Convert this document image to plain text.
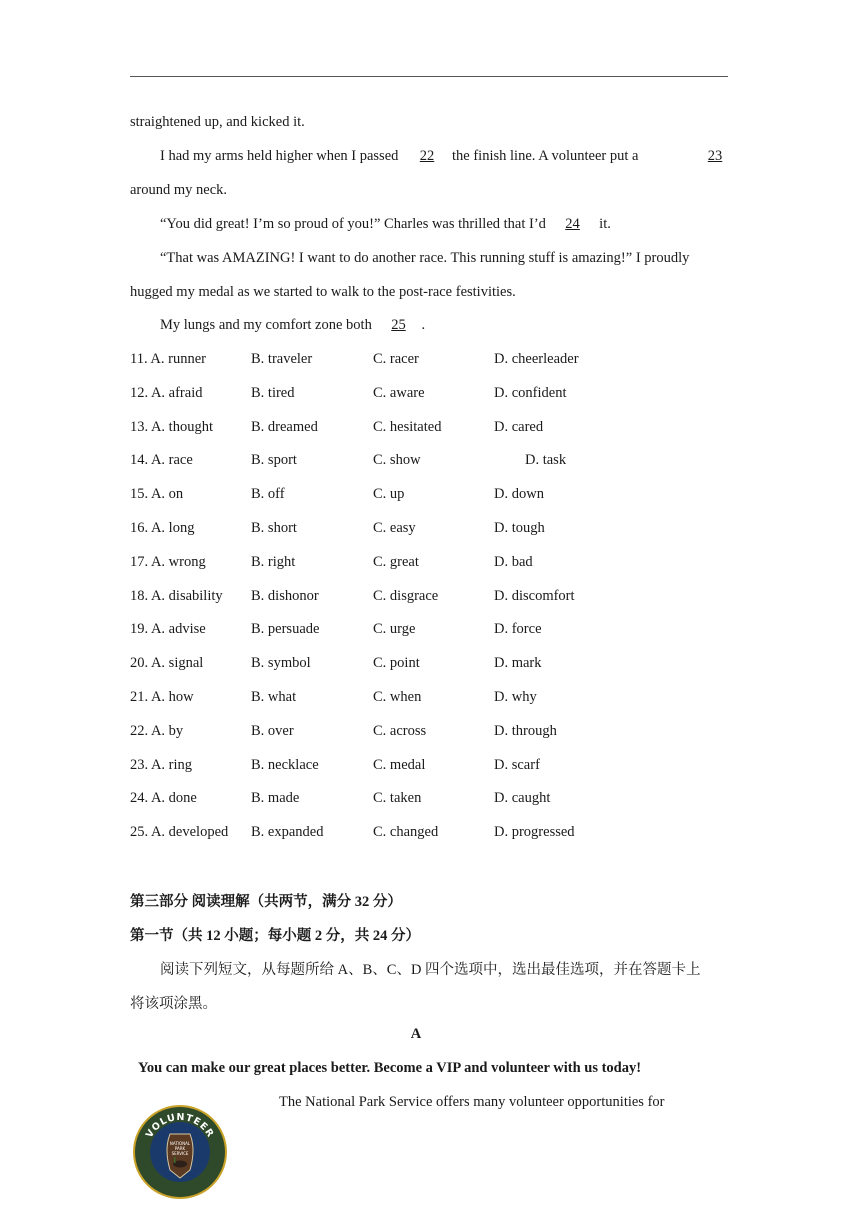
straightened up, and kicked it.
I had my arms held higher when I passed 22 the finish line. A volunteer put a	23
around my neck.
“You did great! I’m so proud of you!” Charles was thrilled that I’d 24 it.
“That was AMAZING! I want to do another race. This running stuff is amazing!” I proudly
hugged my medal as we started to walk to the post-race festivities.
My lungs and my comfort zone both 25 .
11. A. runner	B. traveler	C. racer	D. cheerleader
12. A. afraid	B. tired	C. aware	D. confident
13. A. thought	B. dreamed	C. hesitated	D. cared
14. A. race	B. sport	C. show	D. task
15. A. on	B. off	C. up	D. down
16. A. long	B. short	C. easy	D. tough
17. A. wrong	B. right	C. great	D. bad
18. A. disability B. dishonor	C. disgrace	D. discomfort
19. A. advise	B. persuade	C. urge	D. force
20. A. signal	B. symbol	C. point	D. mark
21. A. how	B. what	C. when	D. why
22. A. by	B. over	C. across	D. through
23. A. ring	B. necklace	C. medal	D. scarf
24. A. done	B. made	C. taken	D. caught
25. A. developed B. expanded	C. changed	D. progressed
第三部分 阅读理解（共两节，满分 32 分）
第一节（共 12 小题；每小题 2 分，共 24 分）
阅读下列短文，从每题所给 A、B、C、D 四个选项中，选出最佳选项，并在答题卡上
将该项涂黑。
A
You can make our great places better. Become a VIP and volunteer with us today!
The National Park Service offers many volunteer opportunities for
VOLUNTEER
NATIONAL
PARK
SERVICE
